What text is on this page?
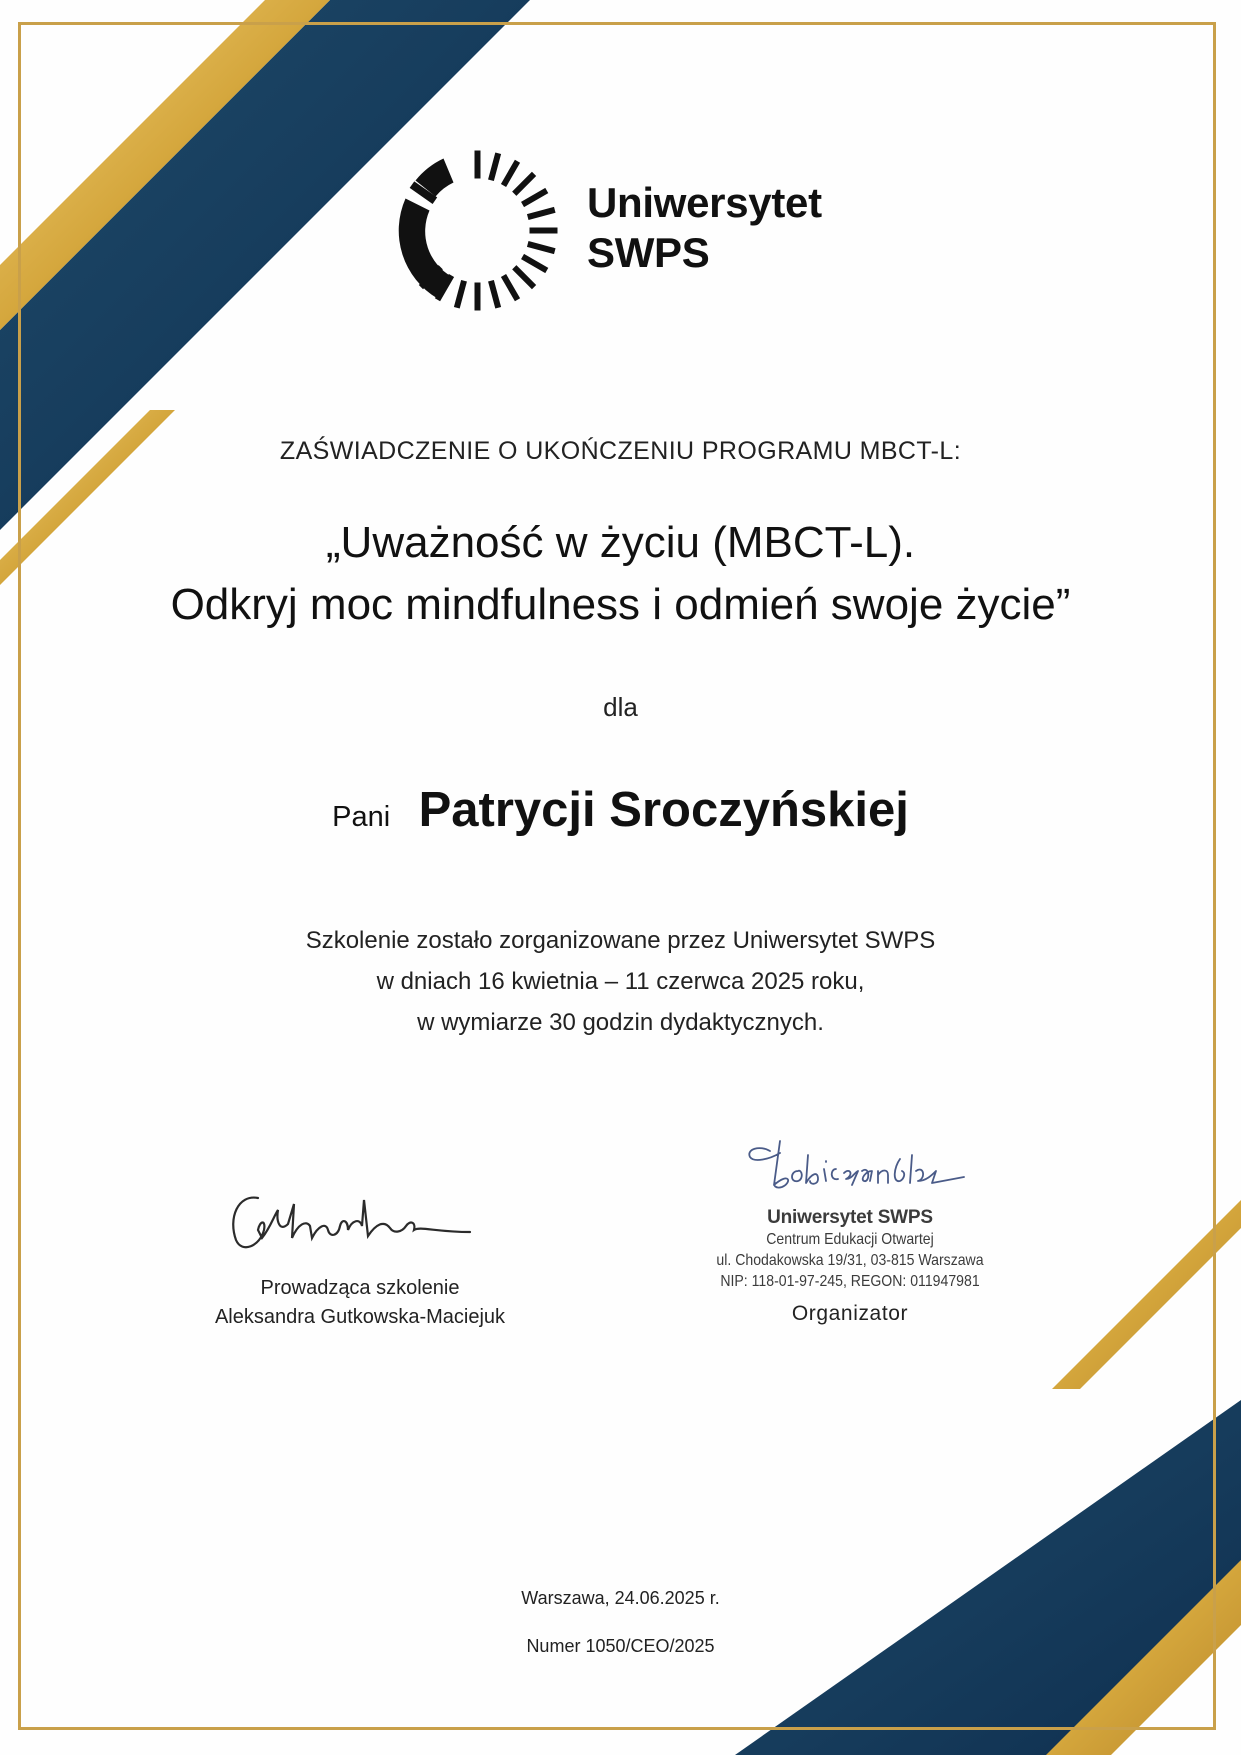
Uniwersytet
SWPS
ZAŚWIADCZENIE O UKOŃCZENIU PROGRAMU MBCT-L:
„Uważność w życiu (MBCT-L).
Odkryj moc mindfulness i odmień swoje życie”
dla
Pani Patrycji Sroczyńskiej
Szkolenie zostało zorganizowane przez Uniwersytet SWPS
w dniach 16 kwietnia – 11 czerwca 2025 roku,
w wymiarze 30 godzin dydaktycznych.
Prowadząca szkolenie
Aleksandra Gutkowska-Maciejuk
Uniwersytet SWPS
Centrum Edukacji Otwartej
ul. Chodakowska 19/31, 03-815 Warszawa
NIP: 118-01-97-245, REGON: 011947981
Organizator
Warszawa, 24.06.2025 r.
Numer 1050/CEO/2025
